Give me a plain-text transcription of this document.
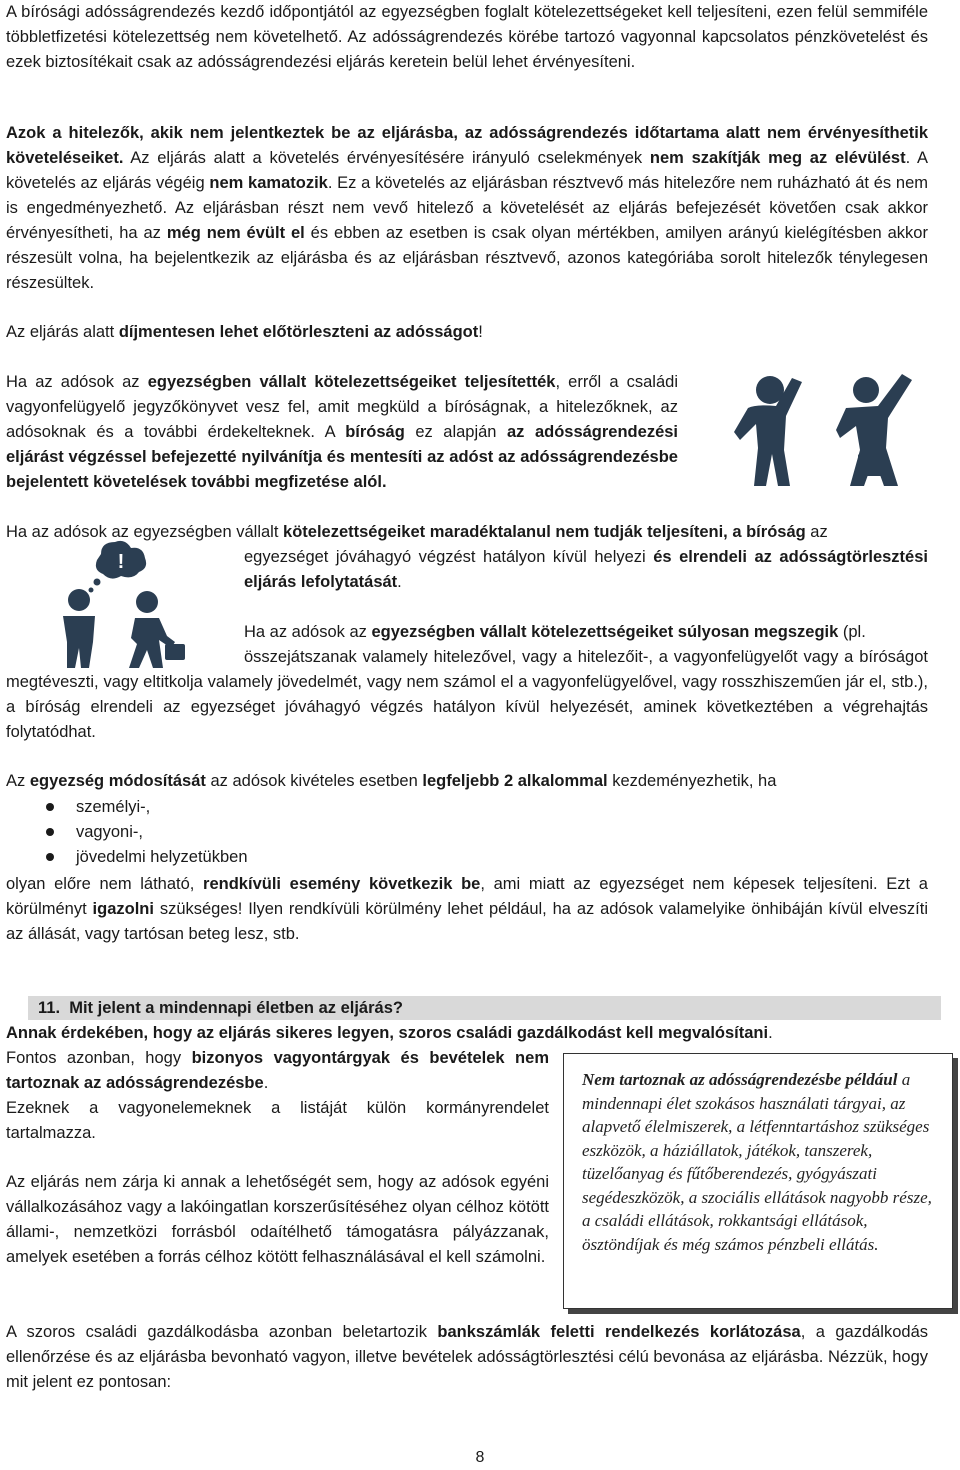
A bírósági adósságrendezés kezdő időpontjától az egyezségben foglalt kötelezettségeket kell teljesíteni, ezen felül semmiféle többletfizetési kötelezettség nem követelhető. Az adósságrendezés körébe tartozó vagyonnal kapcsolatos pénzkövetelést és ezek biztosítékait csak az adósságrendezési eljárás keretein belül lehet érvényesíteni.

Azok a hitelezők, akik nem jelentkeztek be az eljárásba, az adósságrendezés időtartama alatt nem érvényesíthetik követeléseiket. Az eljárás alatt a követelés érvényesítésére irányuló cselekmények nem szakítják meg az elévülést. A követelés az eljárás végéig nem kamatozik. Ez a követelés az eljárásban résztvevő más hitelezőre nem ruházható át és nem is engedményezhető. Az eljárásban részt nem vevő hitelező a követelését az eljárás befejezését követően csak akkor érvényesítheti, ha az még nem évült el és ebben az esetben is csak olyan mértékben, amilyen arányú kielégítésben akkor részesült volna, ha bejelentkezik az eljárásba és az eljárásban résztvevő, azonos kategóriába sorolt hitelezők ténylegesen részesültek.

Az eljárás alatt díjmentesen lehet előtörleszteni az adósságot!

Ha az adósok az egyezségben vállalt kötelezettségeiket teljesítették, erről a családi vagyonfelügyelő jegyzőkönyvet vesz fel, amit megküld a bíróságnak, a hitelezőknek, az adósoknak és a további érdekelteknek. A bíróság ez alapján az adósságrendezési eljárást végzéssel befejezetté nyilvánítja és mentesíti az adóst az adósságrendezésbe bejelentett követelések további megfizetése alól.

Ha az adósok az egyezségben vállalt kötelezettségeiket maradéktalanul nem tudják teljesíteni, a bíróság az

egyezséget jóváhagyó végzést hatályon kívül helyezi és elrendeli az adósságtörlesztési eljárás lefolytatását.

!

Ha az adósok az egyezségben vállalt kötelezettségeiket súlyosan megszegik (pl.

összejátszanak valamely hitelezővel, vagy a hitelezőit-, a vagyonfelügyelőt vagy a bíróságot megtéveszti, vagy eltitkolja valamely jövedelmét, vagy nem számol el a vagyonfelügyelővel, vagy rosszhiszeműen jár el, stb.), a bíróság elrendeli az egyezséget jóváhagyó végzés hatályon kívül helyezését, aminek következtében a végrehajtás folytatódhat.

Az egyezség módosítását az adósok kivételes esetben legfeljebb 2 alkalommal kezdeményezhetik, ha

személyi-,
vagyoni-,
jövedelmi helyzetükben

olyan előre nem látható, rendkívüli esemény következik be, ami miatt az egyezséget nem képesek teljesíteni. Ezt a körülményt igazolni szükséges! Ilyen rendkívüli körülmény lehet például, ha az adósok valamelyike önhibáján kívül elveszíti az állását, vagy tartósan beteg lesz, stb.

11. Mit jelent a mindennapi életben az eljárás?

Annak érdekében, hogy az eljárás sikeres legyen, szoros családi gazdálkodást kell megvalósítani.

Fontos azonban, hogy bizonyos vagyontárgyak és bevételek nem tartoznak az adósságrendezésbe.

Ezeknek a vagyonelemeknek a listáját külön kormányrendelet tartalmazza.

Az eljárás nem zárja ki annak a lehetőségét sem, hogy az adósok egyéni vállalkozásához vagy a lakóingatlan korszerűsítéséhez olyan célhoz kötött állami-, nemzetközi forrásból odaítélhető támogatásra pályázzanak, amelyek esetében a forrás célhoz kötött felhasználásával el kell számolni.

Nem tartoznak az adósságrendezésbe például a mindennapi élet szokásos használati tárgyai, az alapvető élelmiszerek, a létfenntartáshoz szükséges eszközök, a háziállatok, játékok, tanszerek, tüzelőanyag és fűtőberendezés, gyógyászati segédeszközök, a szociális ellátások nagyobb része, a családi ellátások, rokkantsági ellátások, ösztöndíjak és még számos pénzbeli ellátás.

A szoros családi gazdálkodásba azonban beletartozik bankszámlák feletti rendelkezés korlátozása, a gazdálkodás ellenőrzése és az eljárásba bevonható vagyon, illetve bevételek adósságtörlesztési célú bevonása az eljárásba. Nézzük, hogy mit jelent ez pontosan:

8
